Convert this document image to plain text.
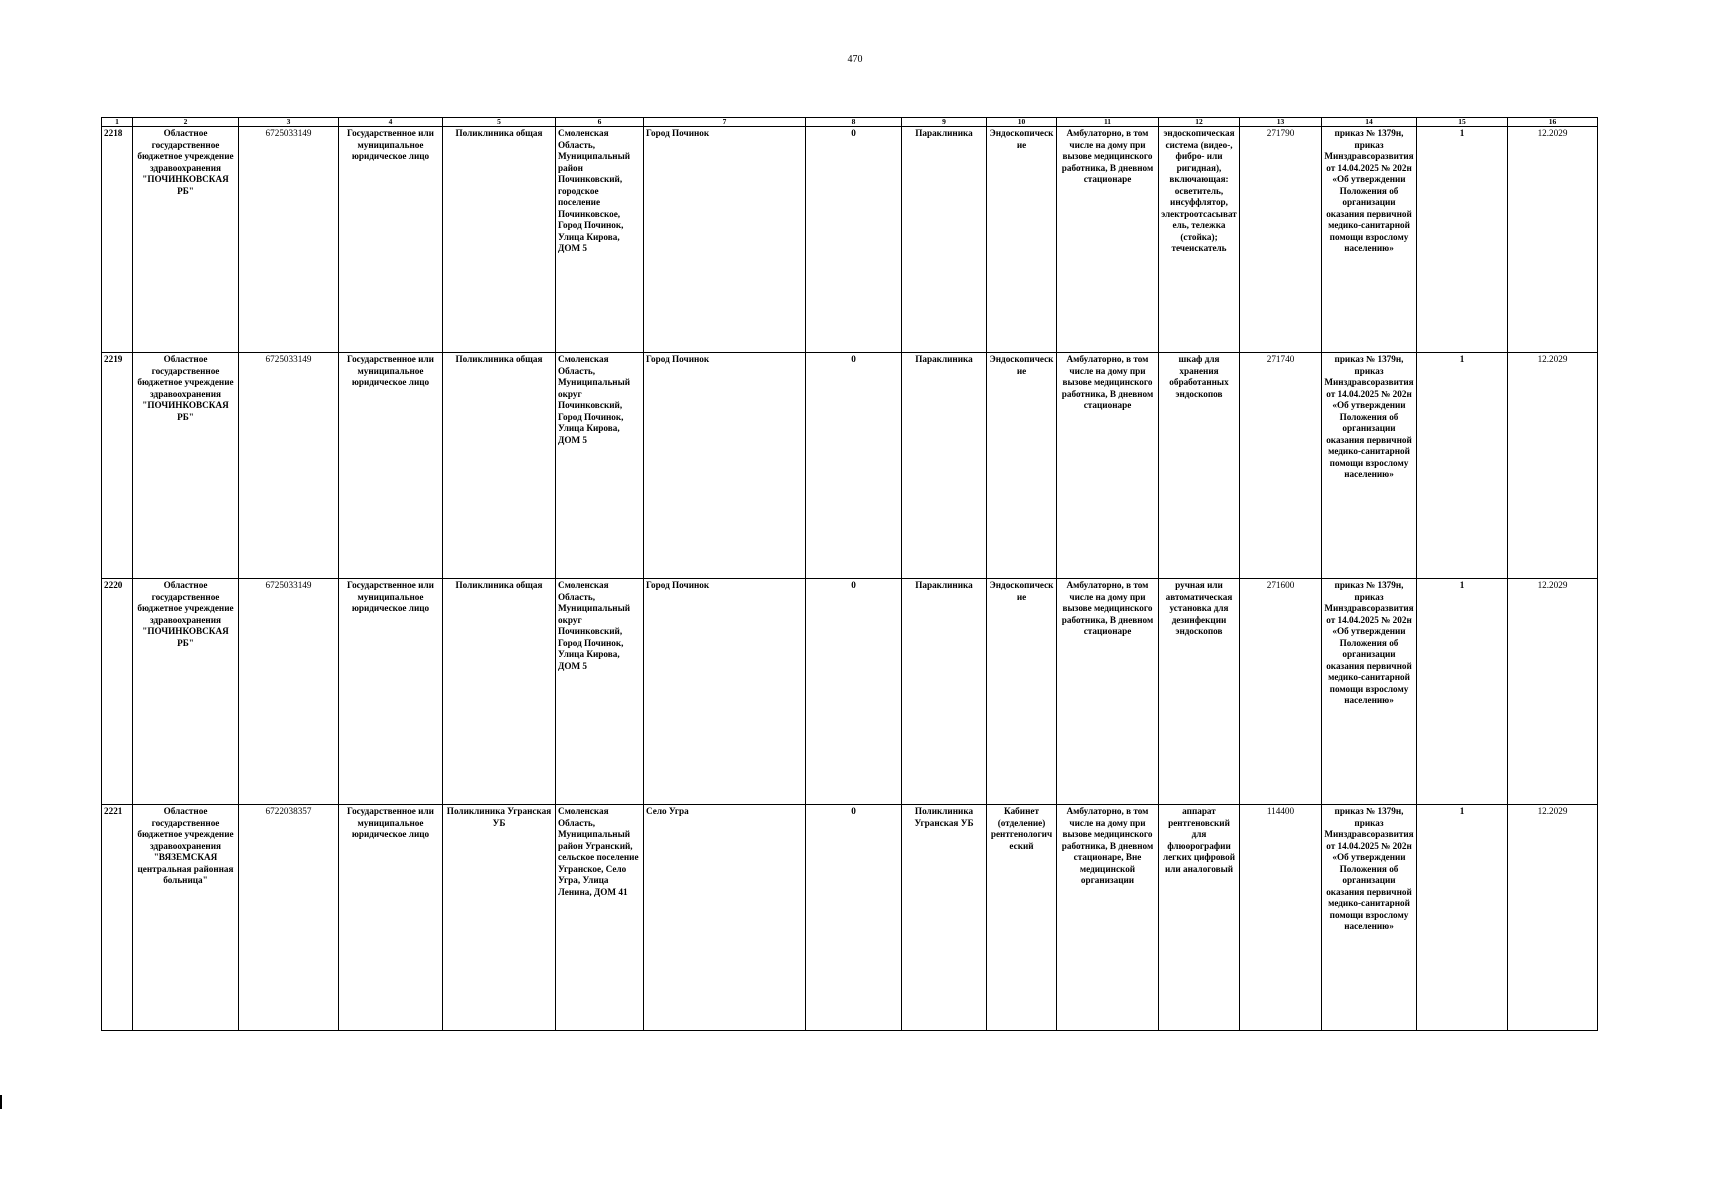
470
1	2	3	4	5	6	7	8	9	10	11	12	13	14	15	16
2218	Областное государственное бюджетное учреждение здравоохранения "ПОЧИНКОВСКАЯ РБ"	6725033149	Государственное или муниципальное юридическое лицо	Поликлиника общая	Смоленская Область, Муниципальный район Починковский, городское поселение Починковское, Город Починок, Улица Кирова, ДОМ 5	Город Починок	0	Параклиника	Эндоскопические	Амбулаторно, в том числе на дому при вызове медицинского работника, В дневном стационаре	эндоскопическая система (видео-, фибро- или ригидная), включающая: осветитель, инсуффлятор, электроотсасыватель, тележка (стойка); течеискатель	271790	приказ № 1379н, приказ Минздравсоразвития от 14.04.2025 № 202н «Об утверждении Положения об организации оказания первичной медико-санитарной помощи взрослому населению»	1	12.2029
2219	Областное государственное бюджетное учреждение здравоохранения "ПОЧИНКОВСКАЯ РБ"	6725033149	Государственное или муниципальное юридическое лицо	Поликлиника общая	Смоленская Область, Муниципальный округ Починковский, Город Починок, Улица Кирова, ДОМ 5	Город Починок	0	Параклиника	Эндоскопические	Амбулаторно, в том числе на дому при вызове медицинского работника, В дневном стационаре	шкаф для хранения обработанных эндоскопов	271740	приказ № 1379н, приказ Минздравсоразвития от 14.04.2025 № 202н «Об утверждении Положения об организации оказания первичной медико-санитарной помощи взрослому населению»	1	12.2029
2220	Областное государственное бюджетное учреждение здравоохранения "ПОЧИНКОВСКАЯ РБ"	6725033149	Государственное или муниципальное юридическое лицо	Поликлиника общая	Смоленская Область, Муниципальный округ Починковский, Город Починок, Улица Кирова, ДОМ 5	Город Починок	0	Параклиника	Эндоскопические	Амбулаторно, в том числе на дому при вызове медицинского работника, В дневном стационаре	ручная или автоматическая установка для дезинфекции эндоскопов	271600	приказ № 1379н, приказ Минздравсоразвития от 14.04.2025 № 202н «Об утверждении Положения об организации оказания первичной медико-санитарной помощи взрослому населению»	1	12.2029
2221	Областное государственное бюджетное учреждение здравоохранения "ВЯЗЕМСКАЯ центральная районная больница"	6722038357	Государственное или муниципальное юридическое лицо	Поликлиника Угранская УБ	Смоленская Область, Муниципальный район Угранский, сельское поселение Угранское, Село Угра, Улица Ленина, ДОМ 41	Село Угра	0	Поликлиника Угранская УБ	Кабинет (отделение) рентгенологический	Амбулаторно, в том числе на дому при вызове медицинского работника, В дневном стационаре, Вне медицинской организации	аппарат рентгеновский для флюорографии легких цифровой или аналоговый	114400	приказ № 1379н, приказ Минздравсоразвития от 14.04.2025 № 202н «Об утверждении Положения об организации оказания первичной медико-санитарной помощи взрослому населению»	1	12.2029
